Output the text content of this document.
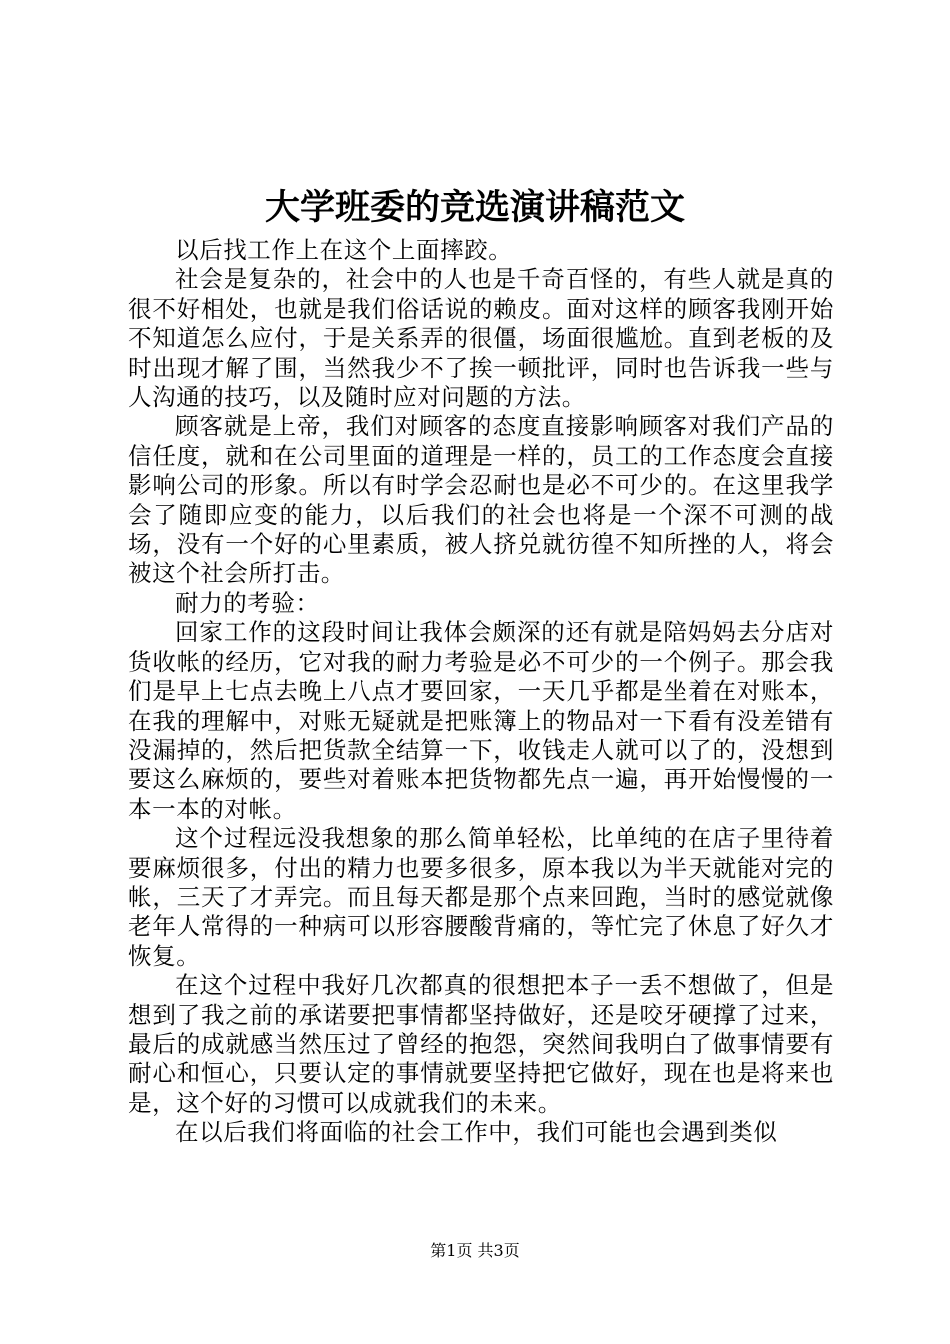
大学班委的竞选演讲稿范文

以后找工作上在这个上面摔跤。

社会是复杂的，社会中的人也是千奇百怪的，有些人就是真的很不好相处，也就是我们俗话说的赖皮。面对这样的顾客我刚开始不知道怎么应付，于是关系弄的很僵，场面很尴尬。直到老板的及时出现才解了围，当然我少不了挨一顿批评，同时也告诉我一些与人沟通的技巧，以及随时应对问题的方法。

顾客就是上帝，我们对顾客的态度直接影响顾客对我们产品的信任度，就和在公司里面的道理是一样的，员工的工作态度会直接影响公司的形象。所以有时学会忍耐也是必不可少的。在这里我学会了随即应变的能力，以后我们的社会也将是一个深不可测的战场，没有一个好的心里素质，被人挤兑就彷徨不知所挫的人，将会被这个社会所打击。

耐力的考验：

回家工作的这段时间让我体会颇深的还有就是陪妈妈去分店对货收帐的经历，它对我的耐力考验是必不可少的一个例子。那会我们是早上七点去晚上八点才要回家，一天几乎都是坐着在对账本，在我的理解中，对账无疑就是把账簿上的物品对一下看有没差错有没漏掉的，然后把货款全结算一下，收钱走人就可以了的，没想到要这么麻烦的，要些对着账本把货物都先点一遍，再开始慢慢的一本一本的对帐。

这个过程远没我想象的那么简单轻松，比单纯的在店子里待着要麻烦很多，付出的精力也要多很多，原本我以为半天就能对完的帐，三天了才弄完。而且每天都是那个点来回跑，当时的感觉就像老年人常得的一种病可以形容腰酸背痛的，等忙完了休息了好久才恢复。

在这个过程中我好几次都真的很想把本子一丢不想做了，但是想到了我之前的承诺要把事情都坚持做好，还是咬牙硬撑了过来，最后的成就感当然压过了曾经的抱怨，突然间我明白了做事情要有耐心和恒心，只要认定的事情就要坚持把它做好，现在也是将来也是，这个好的习惯可以成就我们的未来。

在以后我们将面临的社会工作中，我们可能也会遇到类似

第1页 共3页
